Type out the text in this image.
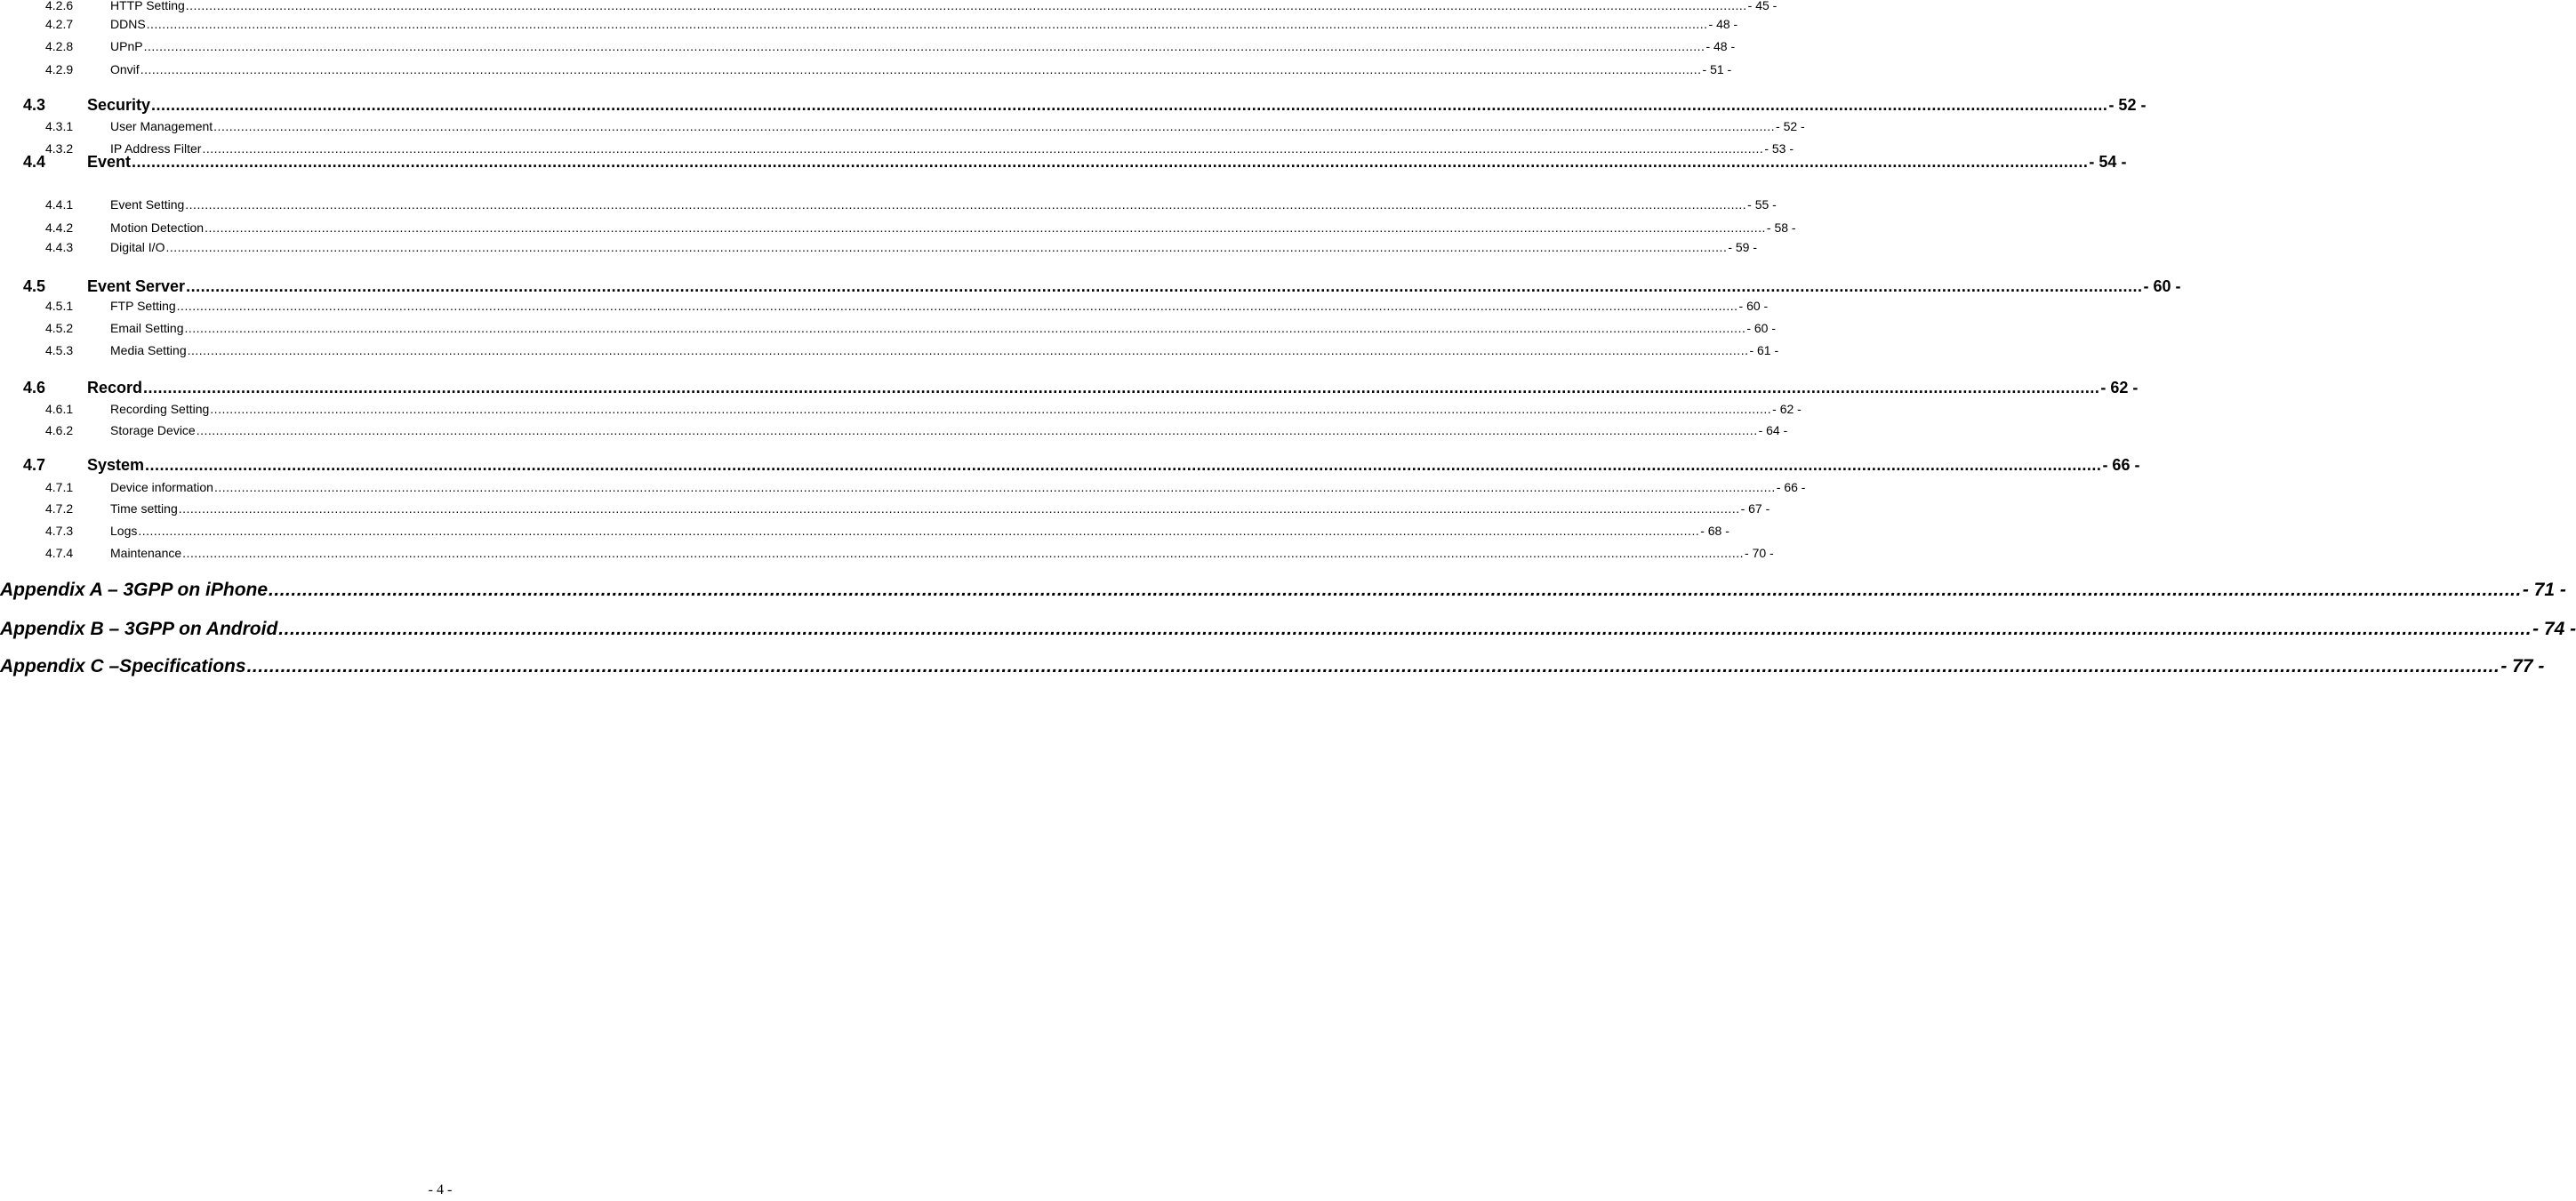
4.2.6	HTTP Setting ................................................................................................................................................................................................................................................................................................................................................................................................................ - 45 -
4.2.7	DDNS ................................................................................................................................................................................................................................................................................................................................................................................................................ - 48 -
4.2.8	UPnP ................................................................................................................................................................................................................................................................................................................................................................................................................ - 48 -
4.2.9	Onvif ................................................................................................................................................................................................................................................................................................................................................................................................................ - 51 -
4.3	Security ................................................................................................................................................................................................................................................................................................................................................................................................................ - 52 -
4.3.1	User Management ................................................................................................................................................................................................................................................................................................................................................................................................................ - 52 -
4.3.2	IP Address Filter ................................................................................................................................................................................................................................................................................................................................................................................................................ - 53 -
4.4	Event ................................................................................................................................................................................................................................................................................................................................................................................................................ - 54 -
4.4.1	Event Setting ................................................................................................................................................................................................................................................................................................................................................................................................................ - 55 -
4.4.2	Motion Detection ................................................................................................................................................................................................................................................................................................................................................................................................................ - 58 -
4.4.3	Digital I/O ................................................................................................................................................................................................................................................................................................................................................................................................................ - 59 -
4.5	Event Server ................................................................................................................................................................................................................................................................................................................................................................................................................ - 60 -
4.5.1	FTP Setting ................................................................................................................................................................................................................................................................................................................................................................................................................ - 60 -
4.5.2	Email Setting ................................................................................................................................................................................................................................................................................................................................................................................................................ - 60 -
4.5.3	Media Setting ................................................................................................................................................................................................................................................................................................................................................................................................................ - 61 -
4.6	Record ................................................................................................................................................................................................................................................................................................................................................................................................................ - 62 -
4.6.1	Recording Setting ................................................................................................................................................................................................................................................................................................................................................................................................................ - 62 -
4.6.2	Storage Device ................................................................................................................................................................................................................................................................................................................................................................................................................ - 64 -
4.7	System ................................................................................................................................................................................................................................................................................................................................................................................................................ - 66 -
4.7.1	Device information ................................................................................................................................................................................................................................................................................................................................................................................................................ - 66 -
4.7.2	Time setting ................................................................................................................................................................................................................................................................................................................................................................................................................ - 67 -
4.7.3	Logs ................................................................................................................................................................................................................................................................................................................................................................................................................ - 68 -
4.7.4	Maintenance ................................................................................................................................................................................................................................................................................................................................................................................................................ - 70 -
Appendix A – 3GPP on iPhone ................................................................................................................................................................................................................................................................................................................................................................................................................ - 71 -
Appendix B – 3GPP on Android ................................................................................................................................................................................................................................................................................................................................................................................................................ - 74 -
Appendix C –Specifications ................................................................................................................................................................................................................................................................................................................................................................................................................ - 77 -
- 4 -
